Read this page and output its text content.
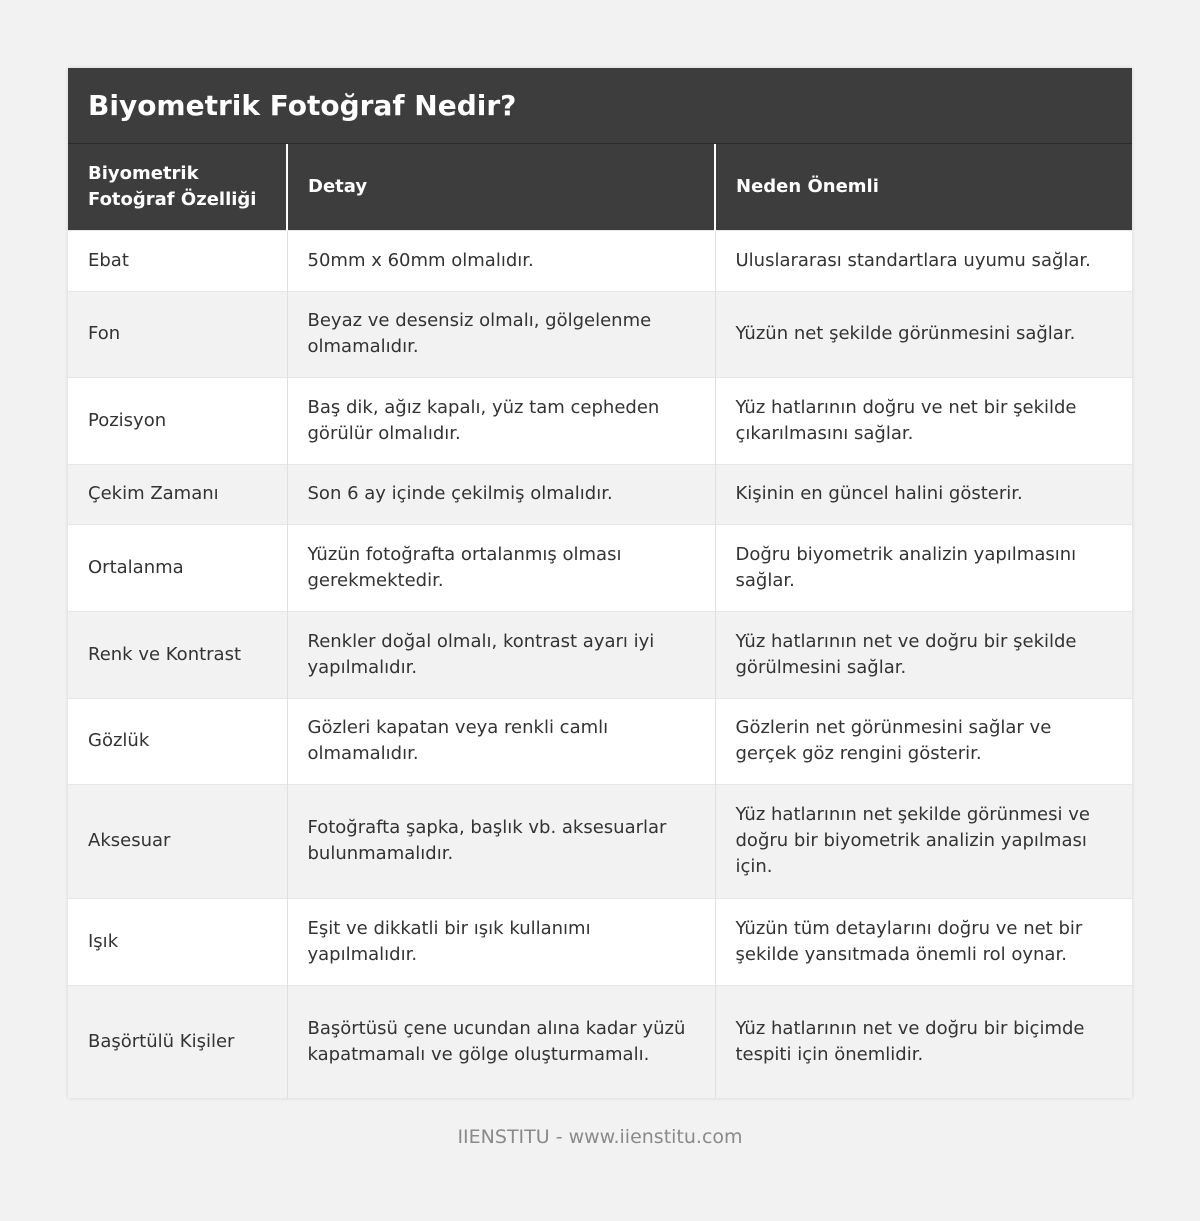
Biyometrik Fotoğraf Nedir?
Biyometrik Fotoğraf Özelliği	Detay	Neden Önemli
Ebat	50mm x 60mm olmalıdır.	Uluslararası standartlara uyumu sağlar.
Fon	Beyaz ve desensiz olmalı, gölgelenme olmamalıdır.	Yüzün net şekilde görünmesini sağlar.
Pozisyon	Baş dik, ağız kapalı, yüz tam cepheden görülür olmalıdır.	Yüz hatlarının doğru ve net bir şekilde çıkarılmasını sağlar.
Çekim Zamanı	Son 6 ay içinde çekilmiş olmalıdır.	Kişinin en güncel halini gösterir.
Ortalanma	Yüzün fotoğrafta ortalanmış olması gerekmektedir.	Doğru biyometrik analizin yapılmasını sağlar.
Renk ve Kontrast	Renkler doğal olmalı, kontrast ayarı iyi yapılmalıdır.	Yüz hatlarının net ve doğru bir şekilde görülmesini sağlar.
Gözlük	Gözleri kapatan veya renkli camlı olmamalıdır.	Gözlerin net görünmesini sağlar ve gerçek göz rengini gösterir.
Aksesuar	Fotoğrafta şapka, başlık vb. aksesuarlar bulunmamalıdır.	Yüz hatlarının net şekilde görünmesi ve doğru bir biyometrik analizin yapılması için.
Işık	Eşit ve dikkatli bir ışık kullanımı yapılmalıdır.	Yüzün tüm detaylarını doğru ve net bir şekilde yansıtmada önemli rol oynar.
Başörtülü Kişiler	Başörtüsü çene ucundan alına kadar yüzü kapatmamalı ve gölge oluşturmamalı.	Yüz hatlarının net ve doğru bir biçimde tespiti için önemlidir.
IIENSTITU - www.iienstitu.com
